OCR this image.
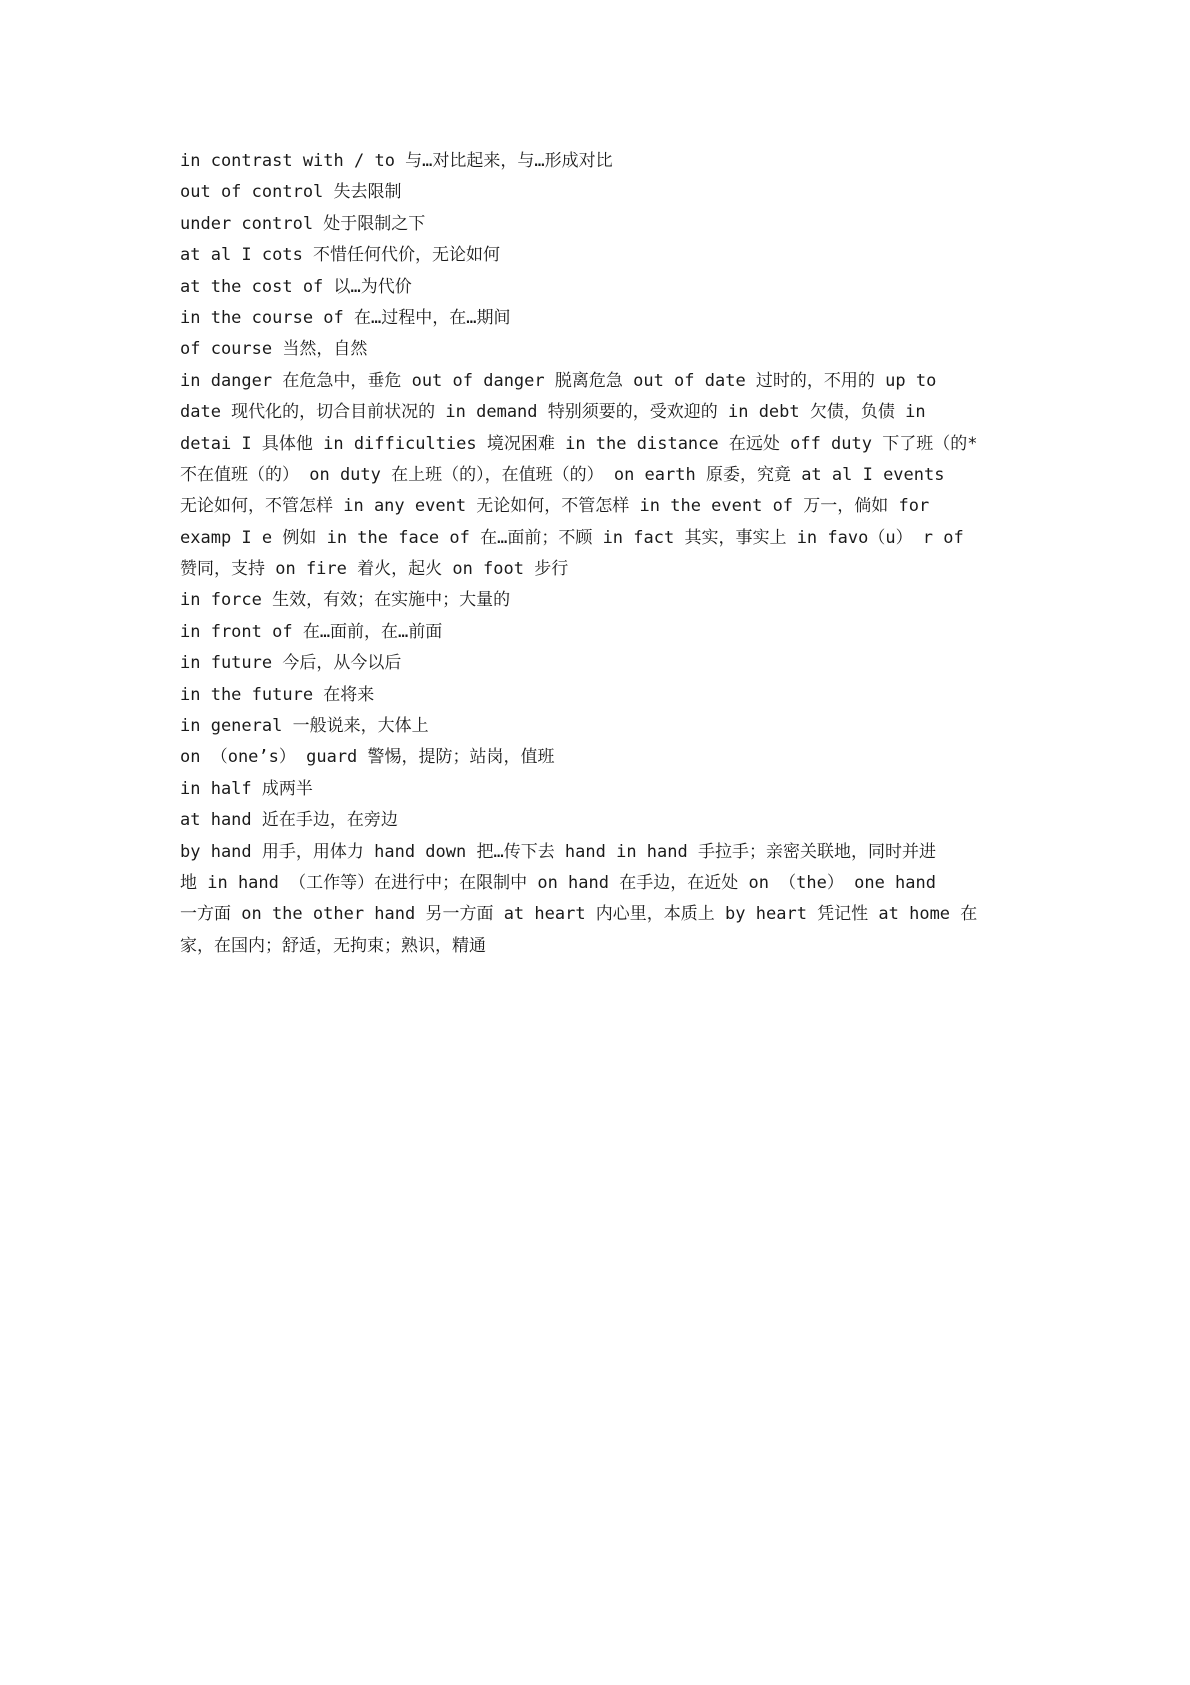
in contrast with / to 与…对比起来，与…形成对比
out of control 失去限制
under control 处于限制之下
at al I cots 不惜任何代价，无论如何
at the cost of 以…为代价
in the course of 在…过程中，在…期间
of course 当然，自然
in danger 在危急中，垂危 out of danger 脱离危急 out of date 过时的，不用的 up to
date 现代化的，切合目前状况的 in demand 特别须要的，受欢迎的 in debt 欠债，负债 in
detai I 具体他 in difficulties 境况困难 in the distance 在远处 off duty 下了班（的*
不在值班（的） on duty 在上班（的），在值班（的） on earth 原委，究竟 at al I events
无论如何，不管怎样 in any event 无论如何，不管怎样 in the event of 万一，倘如 for
examp I e 例如 in the face of 在…面前；不顾 in fact 其实，事实上 in favo（u） r of
赞同，支持 on fire 着火，起火 on foot 步行
in force 生效，有效；在实施中；大量的
in front of 在…面前，在…前面
in future 今后，从今以后
in the future 在将来
in general 一般说来，大体上
on （one’s） guard 警惕，提防；站岗，值班
in half 成两半
at hand 近在手边，在旁边
by hand 用手，用体力 hand down 把…传下去 hand in hand 手拉手；亲密关联地，同时并进
地 in hand （工作等）在进行中；在限制中 on hand 在手边，在近处 on （the） one hand
一方面 on the other hand 另一方面 at heart 内心里，本质上 by heart 凭记性 at home 在
家，在国内；舒适，无拘束；熟识，精通
